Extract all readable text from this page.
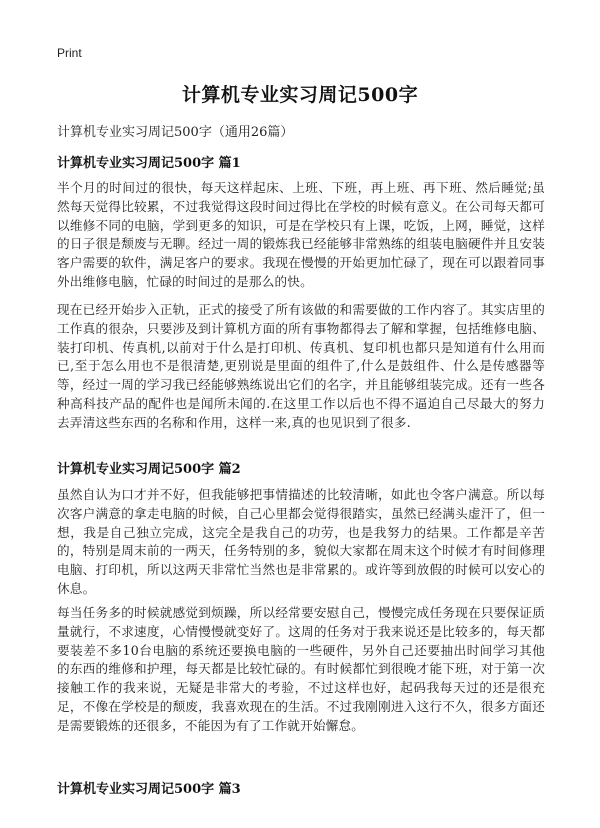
Print
计算机专业实习周记500字
计算机专业实习周记500字（通用26篇）
计算机专业实习周记500字 篇1
半个月的时间过的很快，每天这样起床、上班、下班，再上班、再下班、然后睡觉;虽然每天觉得比较累，不过我觉得这段时间过得比在学校的时候有意义。在公司每天都可以维修不同的电脑，学到更多的知识，可是在学校只有上课，吃饭，上网，睡觉，这样的日子很是颓废与无聊。经过一周的锻炼我已经能够非常熟练的组装电脑硬件并且安装客户需要的软件，满足客户的要求。我现在慢慢的开始更加忙碌了，现在可以跟着同事外出维修电脑，忙碌的时间过的是那么的快。
现在已经开始步入正轨，正式的接受了所有该做的和需要做的工作内容了。其实店里的工作真的很杂，只要涉及到计算机方面的所有事物都得去了解和掌握，包括维修电脑、装打印机、传真机,以前对于什么是打印机、传真机、复印机也都只是知道有什么用而已,至于怎么用也不是很清楚,更别说是里面的组件了,什么是鼓组件、什么是传感器等等，经过一周的学习我已经能够熟练说出它们的名字，并且能够组装完成。还有一些各种高科技产品的配件也是闻所未闻的.在这里工作以后也不得不逼迫自己尽最大的努力去弄清这些东西的名称和作用，这样一来,真的也见识到了很多.
计算机专业实习周记500字 篇2
虽然自认为口才并不好，但我能够把事情描述的比较清晰，如此也令客户满意。所以每次客户满意的拿走电脑的时候，自己心里都会觉得很踏实，虽然已经满头虚汗了，但一想，我是自己独立完成，这完全是我自己的功劳，也是我努力的结果。工作都是辛苦的，特别是周末前的一两天，任务特别的多，貌似大家都在周末这个时候才有时间修理电脑、打印机，所以这两天非常忙当然也是非常累的。或许等到放假的时候可以安心的休息。
每当任务多的时候就感觉到烦躁，所以经常要安慰自己，慢慢完成任务现在只要保证质量就行，不求速度，心情慢慢就变好了。这周的任务对于我来说还是比较多的，每天都要装差不多10台电脑的系统还要换电脑的一些硬件，另外自己还要抽出时间学习其他的东西的维修和护理，每天都是比较忙碌的。有时候都忙到很晚才能下班，对于第一次接触工作的我来说，无疑是非常大的考验，不过这样也好，起码我每天过的还是很充足，不像在学校是的颓废，我喜欢现在的生活。不过我刚刚进入这行不久，很多方面还是需要锻炼的还很多，不能因为有了工作就开始懈怠。
计算机专业实习周记500字 篇3
